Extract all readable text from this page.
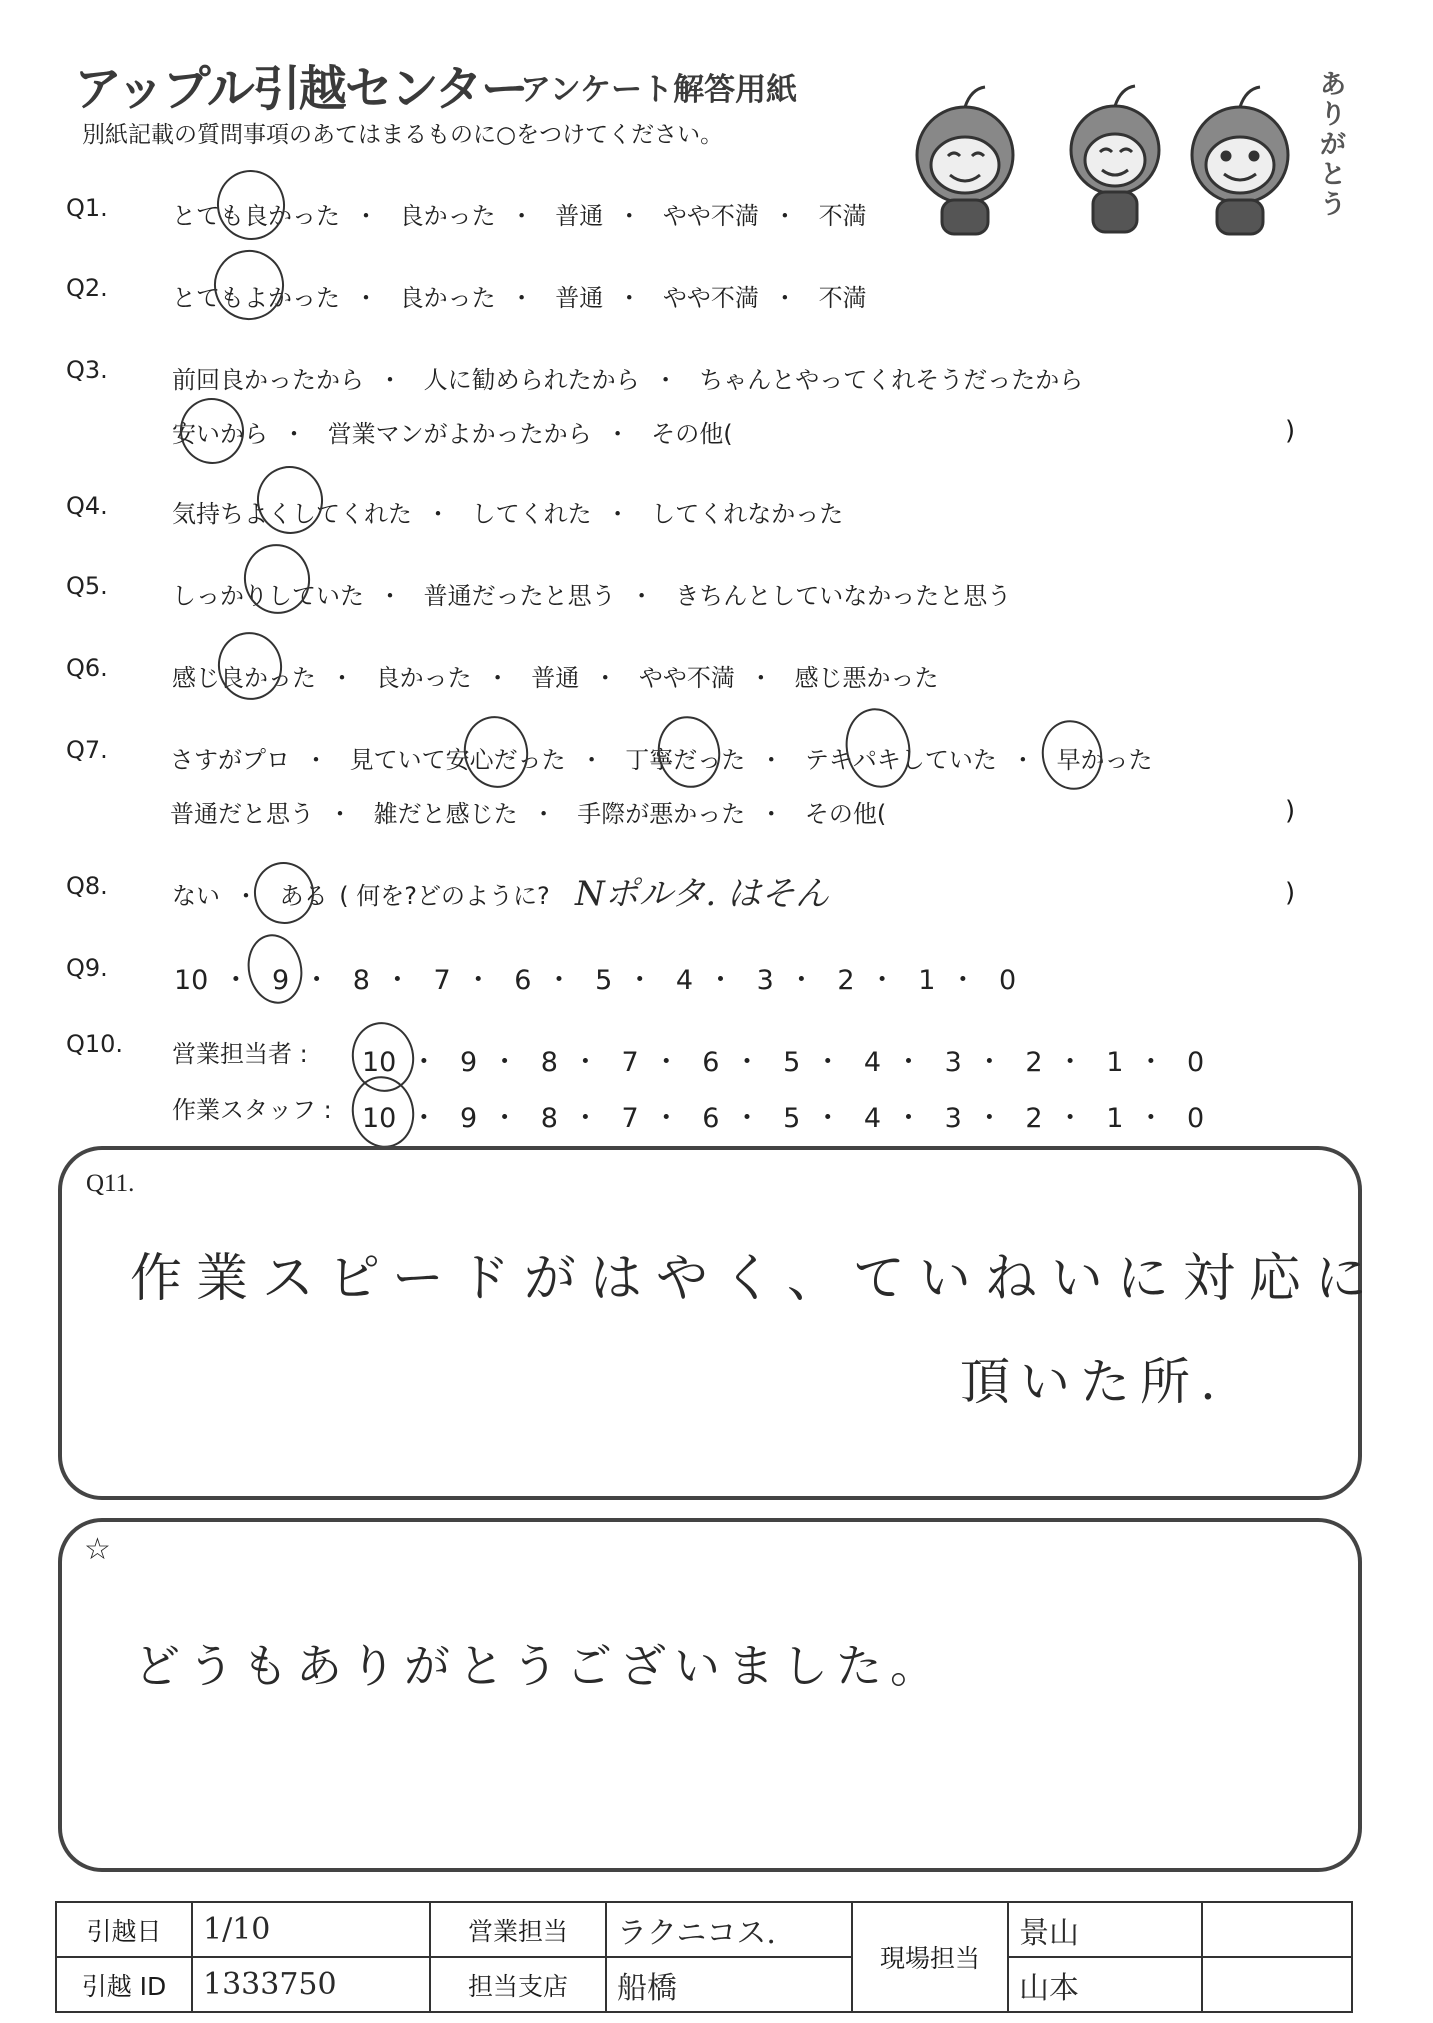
アップル引越センター
アンケート解答用紙
別紙記載の質問事項のあてはまるものに○をつけてください。
ありがとう
Q1.	とても良かった ・ 良かった ・ 普通 ・ やや不満 ・ 不満
Q2.	とてもよかった ・ 良かった ・ 普通 ・ やや不満 ・ 不満
Q3.	前回良かったから ・ 人に勧められたから ・ ちゃんとやってくれそうだったから
安いから ・ 営業マンがよかったから ・ その他(	)
Q4.	気持ちよくしてくれた ・ してくれた ・ してくれなかった
Q5.	しっかりしていた ・ 普通だったと思う ・ きちんとしていなかったと思う
Q6.	感じ良かった ・ 良かった ・ 普通 ・ やや不満 ・ 感じ悪かった
Q7.	さすがプロ ・ 見ていて安心だった ・ 丁寧だった ・ テキパキしていた ・ 早かった
普通だと思う ・ 雑だと感じた ・ 手際が悪かった ・ その他(	)
Q8.	ない ・ ある ( 何を?どのように? Nポルタ. はそん	)
Q9. 10 ・ 9 ・ 8 ・ 7 ・ 6 ・ 5 ・ 4 ・ 3 ・ 2 ・ 1 ・ 0
Q10. 営業担当者 : 10 ・ 9 ・ 8 ・ 7 ・ 6 ・ 5 ・ 4 ・ 3 ・ 2 ・ 1 ・ 0
作業スタッフ : 10 ・ 9 ・ 8 ・ 7 ・ 6 ・ 5 ・ 4 ・ 3 ・ 2 ・ 1 ・ 0
Q11.
作業スピードがはやく、ていねいに対応に
頂いた所.
☆
どうもありがとうございました。
引越日	1/10	営業担当	ラクニコス.	現場担当	景山	
引越 ID	1333750	担当支店	船橋		山本	
